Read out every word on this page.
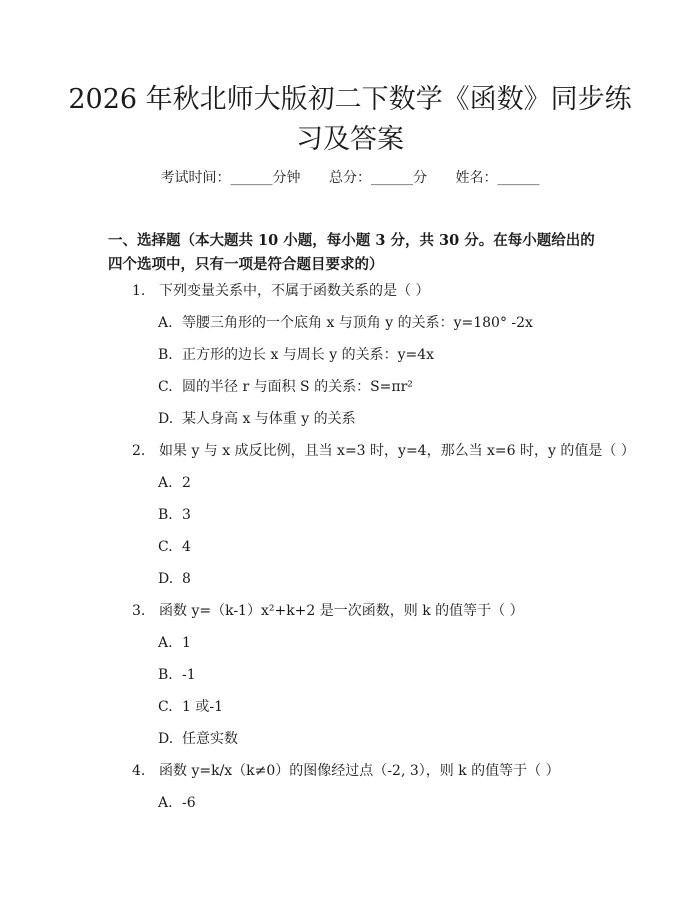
2026 年秋北师大版初二下数学《函数》同步练习及答案
考试时间：______分钟 总分：______分 姓名：______

一、选择题（本大题共 10 小题，每小题 3 分，共 30 分。在每小题给出的四个选项中，只有一项是符合题目要求的）

1. 下列变量关系中，不属于函数关系的是（ ）
A. 等腰三角形的一个底角 x 与顶角 y 的关系：y=180° -2x
B. 正方形的边长 x 与周长 y 的关系：y=4x
C. 圆的半径 r 与面积 S 的关系：S=πr²
D. 某人身高 x 与体重 y 的关系
2. 如果 y 与 x 成反比例，且当 x=3 时，y=4，那么当 x=6 时，y 的值是（ ）
A. 2
B. 3
C. 4
D. 8
3. 函数 y=（k-1）x²+k+2 是一次函数，则 k 的值等于（ ）
A. 1
B. -1
C. 1 或-1
D. 任意实数
4. 函数 y=k/x（k≠0）的图像经过点（-2, 3），则 k 的值等于（ ）
A. -6
